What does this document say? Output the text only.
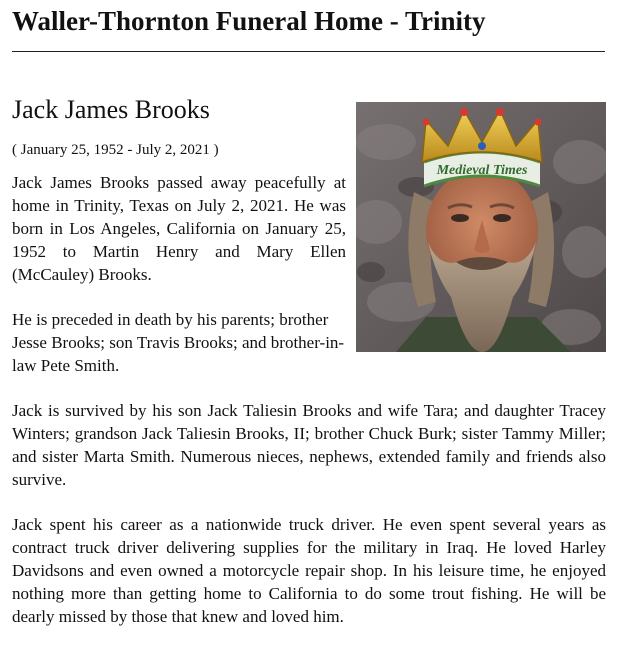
Waller-Thornton Funeral Home - Trinity
Medieval Times
Jack James Brooks

( January 25, 1952 - July 2, 2021 )

Jack James Brooks passed away peacefully at home in Trinity, Texas on July 2, 2021. He was born in Los Angeles, California on January 25, 1952 to Martin Henry and Mary Ellen (McCauley) Brooks.

He is preceded in death by his parents; brother Jesse Brooks; son Travis Brooks; and brother-in-law Pete Smith.

Jack is survived by his son Jack Taliesin Brooks and wife Tara; and daughter Tracey Winters; grandson Jack Taliesin Brooks, II; brother Chuck Burk; sister Tammy Miller; and sister Marta Smith. Numerous nieces, nephews, extended family and friends also survive.

Jack spent his career as a nationwide truck driver. He even spent several years as contract truck driver delivering supplies for the military in Iraq. He loved Harley Davidsons and even owned a motorcycle repair shop. In his leisure time, he enjoyed nothing more than getting home to California to do some trout fishing. He will be dearly missed by those that knew and loved him.
